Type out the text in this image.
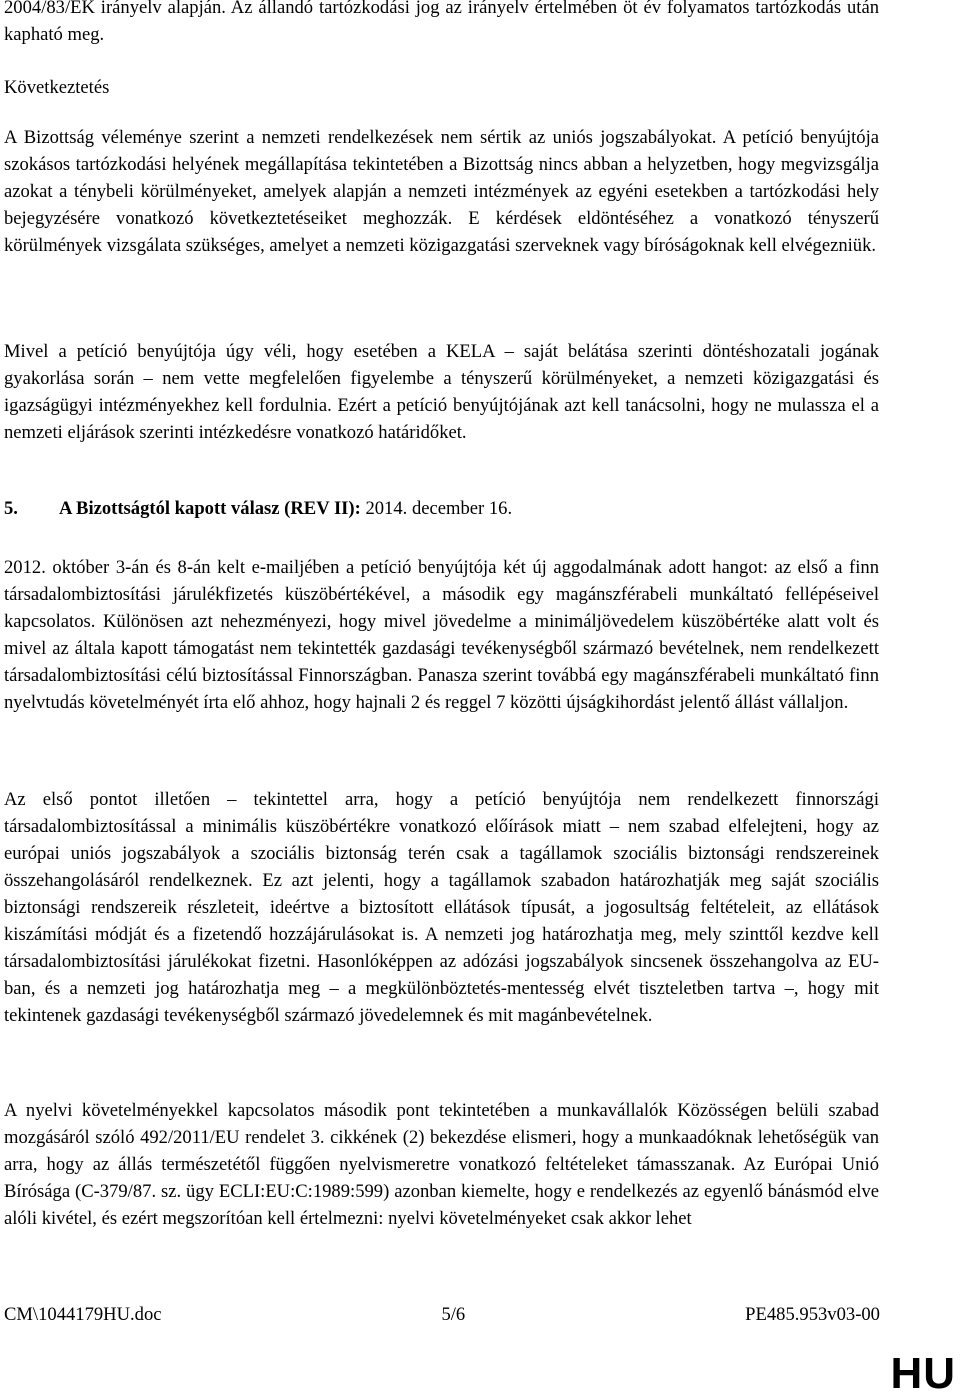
2004/83/EK irányelv alapján. Az állandó tartózkodási jog az irányelv értelmében öt év folyamatos tartózkodás után kapható meg.

Következtetés

A Bizottság véleménye szerint a nemzeti rendelkezések nem sértik az uniós jogszabályokat. A petíció benyújtója szokásos tartózkodási helyének megállapítása tekintetében a Bizottság nincs abban a helyzetben, hogy megvizsgálja azokat a ténybeli körülményeket, amelyek alapján a nemzeti intézmények az egyéni esetekben a tartózkodási hely bejegyzésére vonatkozó következtetéseiket meghozzák. E kérdések eldöntéséhez a vonatkozó tényszerű körülmények vizsgálata szükséges, amelyet a nemzeti közigazgatási szerveknek vagy bíróságoknak kell elvégezniük.

Mivel a petíció benyújtója úgy véli, hogy esetében a KELA – saját belátása szerinti döntéshozatali jogának gyakorlása során – nem vette megfelelően figyelembe a tényszerű körülményeket, a nemzeti közigazgatási és igazságügyi intézményekhez kell fordulnia. Ezért a petíció benyújtójának azt kell tanácsolni, hogy ne mulassza el a nemzeti eljárások szerinti intézkedésre vonatkozó határidőket.

5. A Bizottságtól kapott válasz (REV II): 2014. december 16.

2012. október 3-án és 8-án kelt e-mailjében a petíció benyújtója két új aggodalmának adott hangot: az első a finn társadalombiztosítási járulékfizetés küszöbértékével, a második egy magánszférabeli munkáltató fellépéseivel kapcsolatos. Különösen azt nehezményezi, hogy mivel jövedelme a minimáljövedelem küszöbértéke alatt volt és mivel az általa kapott támogatást nem tekintették gazdasági tevékenységből származó bevételnek, nem rendelkezett társadalombiztosítási célú biztosítással Finnországban. Panasza szerint továbbá egy magánszférabeli munkáltató finn nyelvtudás követelményét írta elő ahhoz, hogy hajnali 2 és reggel 7 közötti újságkihordást jelentő állást vállaljon.

Az első pontot illetően – tekintettel arra, hogy a petíció benyújtója nem rendelkezett finnországi társadalombiztosítással a minimális küszöbértékre vonatkozó előírások miatt – nem szabad elfelejteni, hogy az európai uniós jogszabályok a szociális biztonság terén csak a tagállamok szociális biztonsági rendszereinek összehangolásáról rendelkeznek. Ez azt jelenti, hogy a tagállamok szabadon határozhatják meg saját szociális biztonsági rendszereik részleteit, ideértve a biztosított ellátások típusát, a jogosultság feltételeit, az ellátások kiszámítási módját és a fizetendő hozzájárulásokat is. A nemzeti jog határozhatja meg, mely szinttől kezdve kell társadalombiztosítási járulékokat fizetni. Hasonlóképpen az adózási jogszabályok sincsenek összehangolva az EU-ban, és a nemzeti jog határozhatja meg – a megkülönböztetés-mentesség elvét tiszteletben tartva –, hogy mit tekintenek gazdasági tevékenységből származó jövedelemnek és mit magánbevételnek.

A nyelvi követelményekkel kapcsolatos második pont tekintetében a munkavállalók Közösségen belüli szabad mozgásáról szóló 492/2011/EU rendelet 3. cikkének (2) bekezdése elismeri, hogy a munkaadóknak lehetőségük van arra, hogy az állás természetétől függően nyelvismeretre vonatkozó feltételeket támasszanak. Az Európai Unió Bírósága (C-379/87. sz. ügy ECLI:EU:C:1989:599) azonban kiemelte, hogy e rendelkezés az egyenlő bánásmód elve alóli kivétel, és ezért megszorítóan kell értelmezni: nyelvi követelményeket csak akkor lehet

CM\1044179HU.doc	5/6	PE485.953v03-00
HU
